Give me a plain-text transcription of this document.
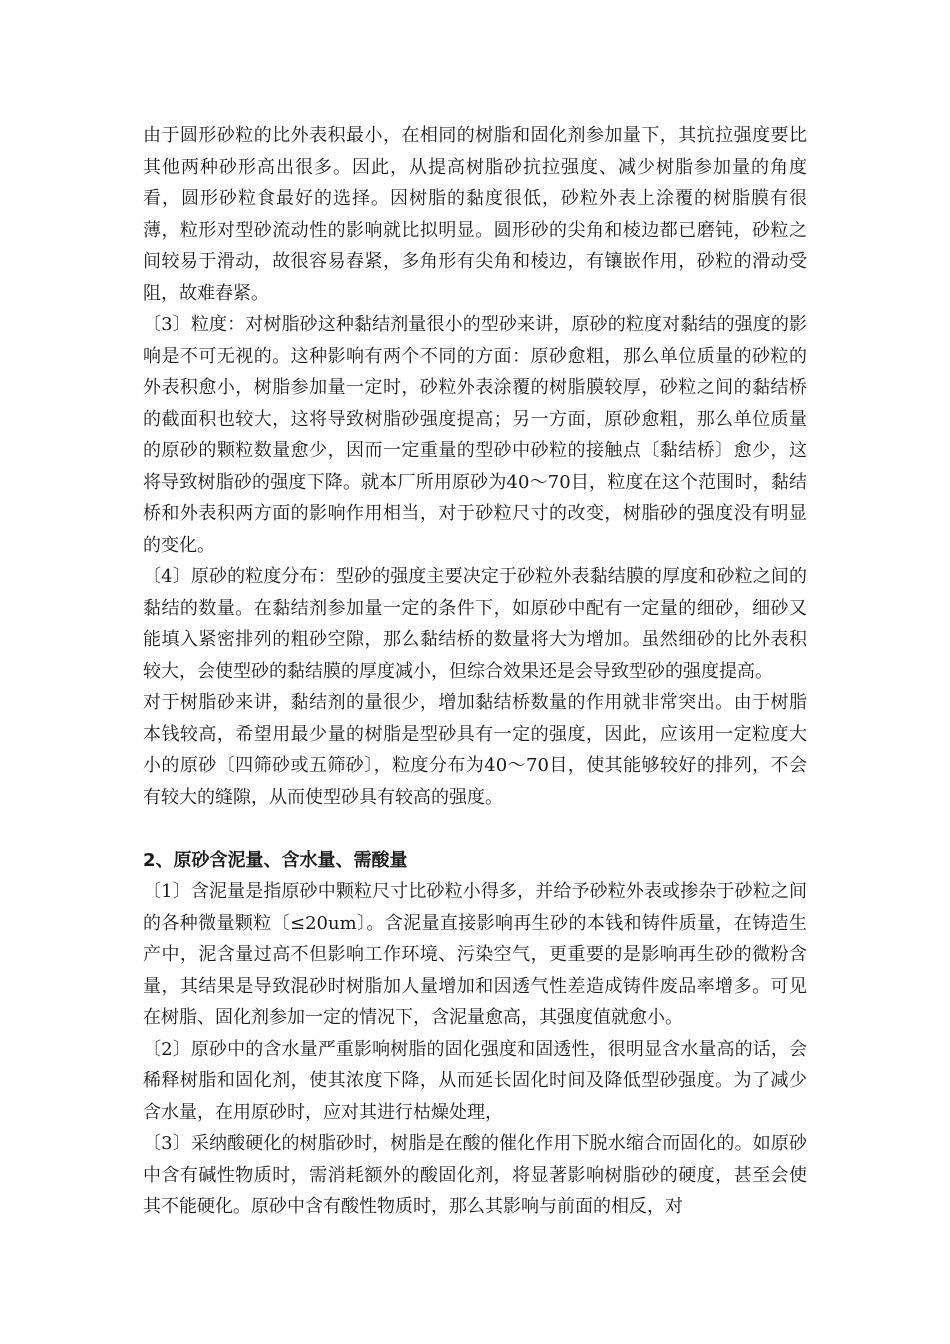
由于圆形砂粒的比外表积最小，在相同的树脂和固化剂参加量下，其抗拉强度要比其他两种砂形高出很多。因此，从提高树脂砂抗拉强度、减少树脂参加量的角度看，圆形砂粒食最好的选择。因树脂的黏度很低，砂粒外表上涂覆的树脂膜有很薄，粒形对型砂流动性的影响就比拟明显。圆形砂的尖角和棱边都已磨钝，砂粒之间较易于滑动，故很容易舂紧，多角形有尖角和棱边，有镶嵌作用，砂粒的滑动受阻，故难舂紧。

〔3〕粒度：对树脂砂这种黏结剂量很小的型砂来讲，原砂的粒度对黏结的强度的影响是不可无视的。这种影响有两个不同的方面：原砂愈粗，那么单位质量的砂粒的外表积愈小，树脂参加量一定时，砂粒外表涂覆的树脂膜较厚，砂粒之间的黏结桥的截面积也较大，这将导致树脂砂强度提高；另一方面，原砂愈粗，那么单位质量的原砂的颗粒数量愈少，因而一定重量的型砂中砂粒的接触点〔黏结桥〕愈少，这将导致树脂砂的强度下降。就本厂所用原砂为40～70目，粒度在这个范围时，黏结桥和外表积两方面的影响作用相当，对于砂粒尺寸的改变，树脂砂的强度没有明显的变化。

〔4〕原砂的粒度分布：型砂的强度主要决定于砂粒外表黏结膜的厚度和砂粒之间的黏结的数量。在黏结剂参加量一定的条件下，如原砂中配有一定量的细砂，细砂又能填入紧密排列的粗砂空隙，那么黏结桥的数量将大为增加。虽然细砂的比外表积较大，会使型砂的黏结膜的厚度减小，但综合效果还是会导致型砂的强度提高。

对于树脂砂来讲，黏结剂的量很少，增加黏结桥数量的作用就非常突出。由于树脂本钱较高，希望用最少量的树脂是型砂具有一定的强度，因此，应该用一定粒度大小的原砂〔四筛砂或五筛砂〕，粒度分布为40～70目，使其能够较好的排列，不会有较大的缝隙，从而使型砂具有较高的强度。

2、原砂含泥量、含水量、需酸量

〔1〕含泥量是指原砂中颗粒尺寸比砂粒小得多，并给予砂粒外表或掺杂于砂粒之间的各种微量颗粒〔≤20um〕。含泥量直接影响再生砂的本钱和铸件质量，在铸造生产中，泥含量过高不但影响工作环境、污染空气，更重要的是影响再生砂的微粉含量，其结果是导致混砂时树脂加人量增加和因透气性差造成铸件废品率增多。可见在树脂、固化剂参加一定的情况下，含泥量愈高，其强度值就愈小。

〔2〕原砂中的含水量严重影响树脂的固化强度和固透性，很明显含水量高的话，会稀释树脂和固化剂，使其浓度下降，从而延长固化时间及降低型砂强度。为了减少含水量，在用原砂时，应对其进行枯燥处理，

〔3〕采纳酸硬化的树脂砂时，树脂是在酸的催化作用下脱水缩合而固化的。如原砂中含有碱性物质时，需消耗额外的酸固化剂，将显著影响树脂砂的硬度，甚至会使其不能硬化。原砂中含有酸性物质时，那么其影响与前面的相反，对
